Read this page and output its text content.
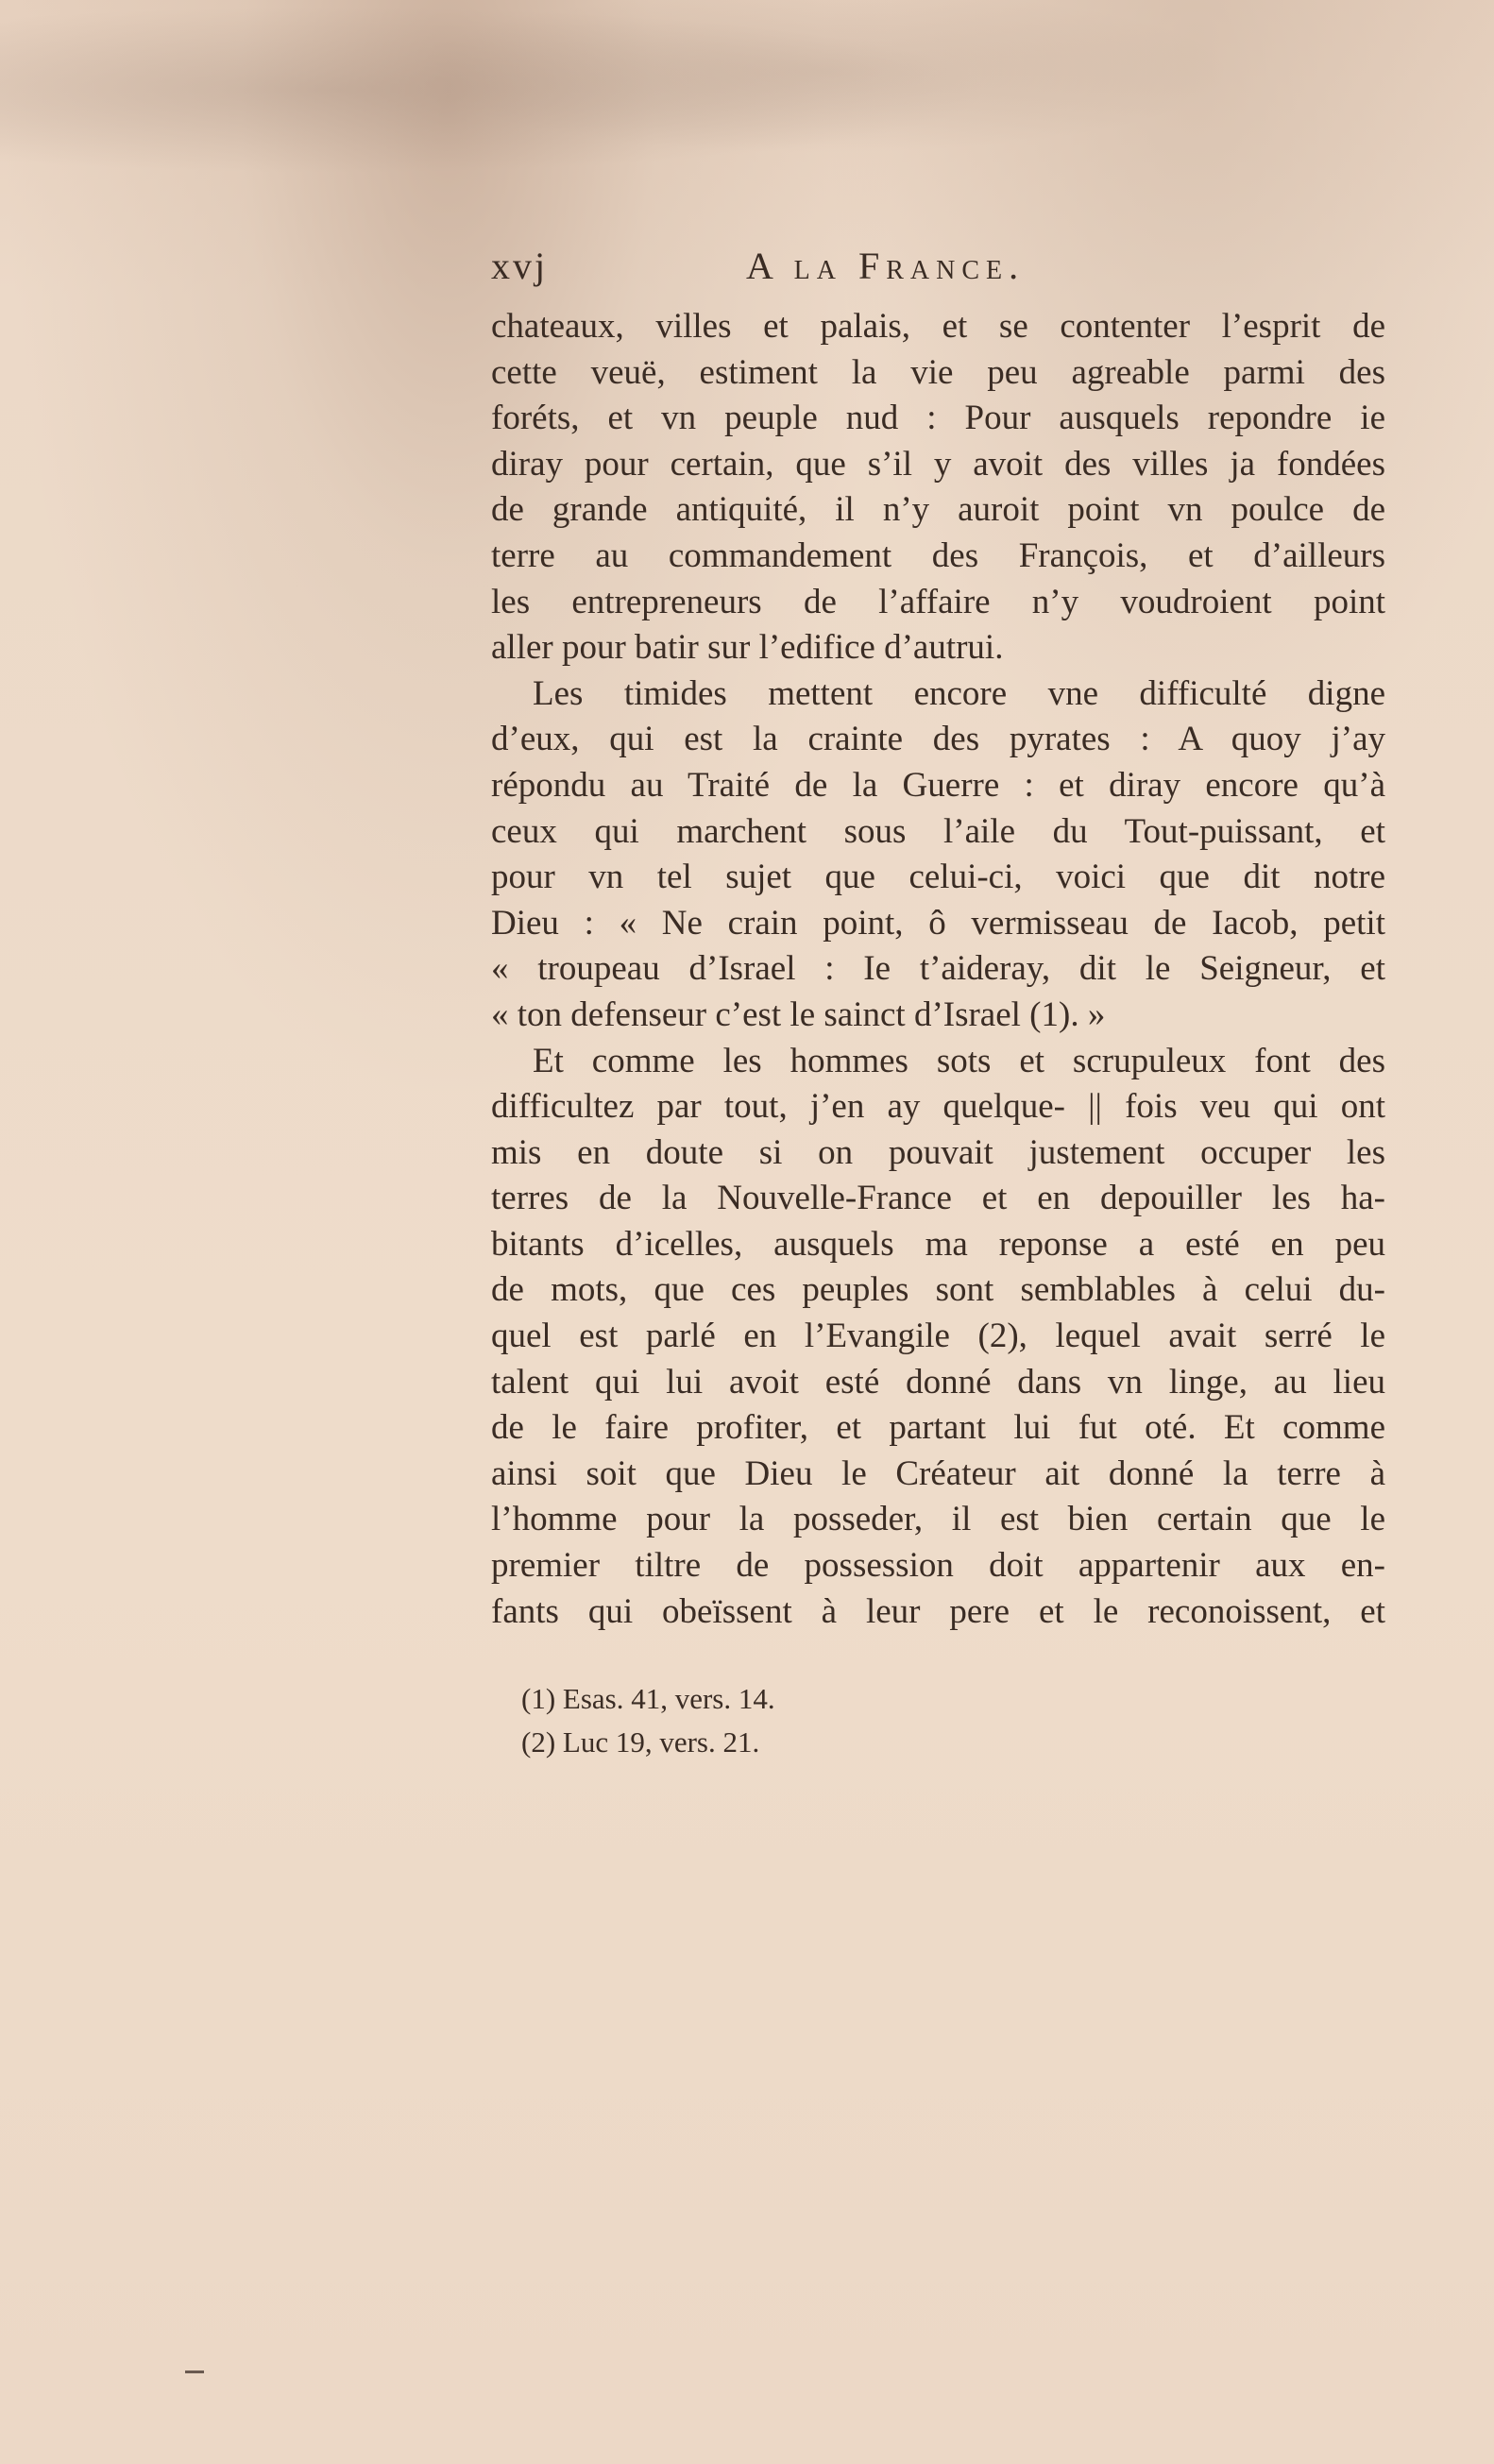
xvj	A la France.
chateaux, villes et palais, et se contenter l’esprit de
cette veuë, estiment la vie peu agreable parmi des
foréts, et vn peuple nud : Pour ausquels repondre ie
diray pour certain, que s’il y avoit des villes ja fondées
de grande antiquité, il n’y auroit point vn poulce de
terre au commandement des François, et d’ailleurs
les entrepreneurs de l’affaire n’y voudroient point
aller pour batir sur l’edifice d’autrui.
Les timides mettent encore vne difficulté digne
d’eux, qui est la crainte des pyrates : A quoy j’ay
répondu au Traité de la Guerre : et diray encore qu’à
ceux qui marchent sous l’aile du Tout-puissant, et
pour vn tel sujet que celui-ci, voici que dit notre
Dieu : « Ne crain point, ô vermisseau de Iacob, petit
« troupeau d’Israel : Ie t’aideray, dit le Seigneur, et
« ton defenseur c’est le sainct d’Israel (1). »
Et comme les hommes sots et scrupuleux font des
difficultez par tout, j’en ay quelque- || fois veu qui ont
mis en doute si on pouvait justement occuper les
terres de la Nouvelle-France et en depouiller les ha-
bitants d’icelles, ausquels ma reponse a esté en peu
de mots, que ces peuples sont semblables à celui du-
quel est parlé en l’Evangile (2), lequel avait serré le
talent qui lui avoit esté donné dans vn linge, au lieu
de le faire profiter, et partant lui fut oté. Et comme
ainsi soit que Dieu le Créateur ait donné la terre à
l’homme pour la posseder, il est bien certain que le
premier tiltre de possession doit appartenir aux en-
fants qui obeïssent à leur pere et le reconoissent, et
(1) Esas. 41, vers. 14.
(2) Luc 19, vers. 21.
